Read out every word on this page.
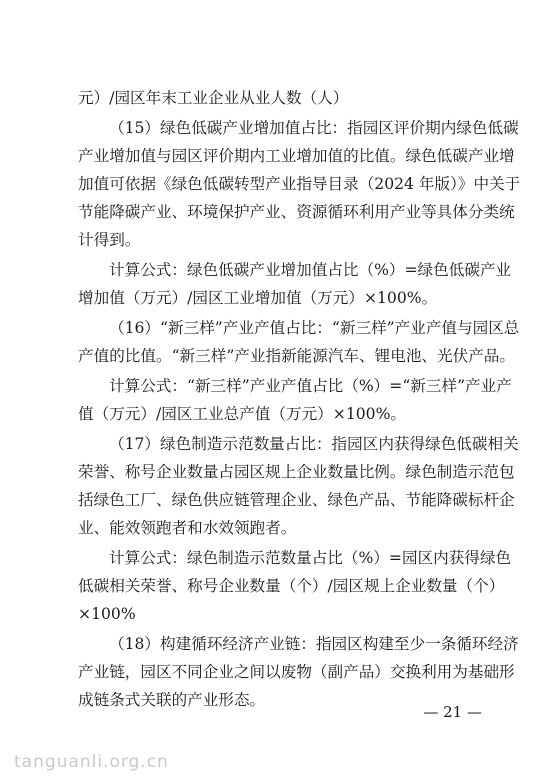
元）/园区年末工业企业从业人数（人）
（15）绿色低碳产业增加值占比：指园区评价期内绿色低碳
产业增加值与园区评价期内工业增加值的比值。绿色低碳产业增
加值可依据《绿色低碳转型产业指导目录（2024 年版）》中关于
节能降碳产业、环境保护产业、资源循环利用产业等具体分类统
计得到。
计算公式：绿色低碳产业增加值占比（%）=绿色低碳产业
增加值（万元）/园区工业增加值（万元）×100%。
（16）“新三样”产业产值占比：“新三样”产业产值与园区总
产值的比值。“新三样”产业指新能源汽车、锂电池、光伏产品。
计算公式：“新三样”产业产值占比（%）=“新三样”产业产
值（万元）/园区工业总产值（万元）×100%。
（17）绿色制造示范数量占比：指园区内获得绿色低碳相关
荣誉、称号企业数量占园区规上企业数量比例。绿色制造示范包
括绿色工厂、绿色供应链管理企业、绿色产品、节能降碳标杆企
业、能效领跑者和水效领跑者。
计算公式：绿色制造示范数量占比（%）=园区内获得绿色
低碳相关荣誉、称号企业数量（个）/园区规上企业数量（个）
×100%
（18）构建循环经济产业链：指园区构建至少一条循环经济
产业链，园区不同企业之间以废物（副产品）交换利用为基础形
成链条式关联的产业形态。
— 21 —
tanguanli.org.cn
